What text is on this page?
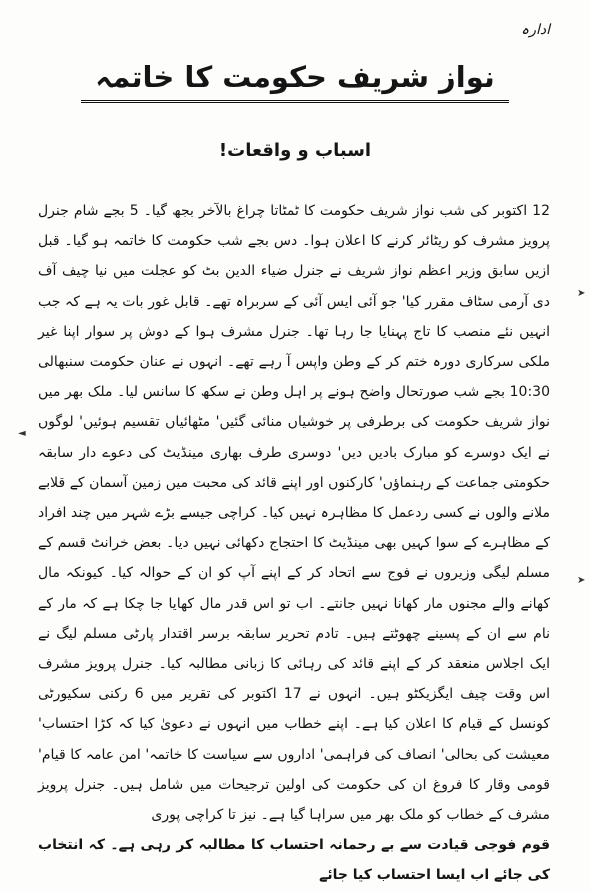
ادارہ
نواز شریف حکومت کا خاتمہ
اسباب و واقعات!

12 اکتوبر کی شب نواز شریف حکومت کا ٹمٹاتا چراغ بالآخر بجھ گیا۔ 5 بجے شام جنرل پرویز مشرف کو ریٹائر کرنے کا اعلان ہوا۔ دس بجے شب حکومت کا خاتمہ ہو گیا۔ قبل ازیں سابق وزیر اعظم نواز شریف نے جنرل ضیاء الدین بٹ کو عجلت میں نیا چیف آف دی آرمی سٹاف مقرر کیا' جو آئی ایس آئی کے سربراہ تھے۔ قابل غور بات یہ ہے کہ جب انہیں نئے منصب کا تاج پہنایا جا رہا تھا۔ جنرل مشرف ہوا کے دوش پر سوار اپنا غیر ملکی سرکاری دورہ ختم کر کے وطن واپس آ رہے تھے۔ انہوں نے عنان حکومت سنبھالی 10:30 بجے شب صورتحال واضح ہونے پر اہل وطن نے سکھ کا سانس لیا۔ ملک بھر میں نواز شریف حکومت کی برطرفی پر خوشیاں منائی گئیں' مٹھائیاں تقسیم ہوئیں' لوگوں نے ایک دوسرے کو مبارک بادیں دیں' دوسری طرف بھاری مینڈیٹ کی دعوے دار سابقہ حکومتی جماعت کے رہنماؤں' کارکنوں اور اپنے قائد کی محبت میں زمین آسمان کے قلابے ملانے والوں نے کسی ردعمل کا مظاہرہ نہیں کیا۔ کراچی جیسے بڑے شہر میں چند افراد کے مظاہرے کے سوا کہیں بھی مینڈیٹ کا احتجاج دکھائی نہیں دیا۔ بعض خرانٹ قسم کے مسلم لیگی وزیروں نے فوج سے اتحاد کر کے اپنے آپ کو ان کے حوالہ کیا۔ کیونکہ مال کھانے والے مجنوں مار کھانا نہیں جانتے۔ اب تو اس قدر مال کھایا جا چکا ہے کہ مار کے نام سے ان کے پسینے چھوٹتے ہیں۔ تادم تحریر سابقہ برسر اقتدار پارٹی مسلم لیگ نے ایک اجلاس منعقد کر کے اپنے قائد کی رہائی کا زبانی مطالبہ کیا۔ جنرل پرویز مشرف اس وقت چیف ایگزیکٹو ہیں۔ انہوں نے 17 اکتوبر کی تقریر میں 6 رکنی سکیورٹی کونسل کے قیام کا اعلان کیا ہے۔ اپنے خطاب میں انہوں نے دعویٰ کیا کہ کڑا احتساب' معیشت کی بحالی' انصاف کی فراہمی' اداروں سے سیاست کا خاتمہ' امن عامہ کا قیام' قومی وقار کا فروغ ان کی حکومت کی اولین ترجیحات میں شامل ہیں۔ جنرل پرویز مشرف کے خطاب کو ملک بھر میں سراہا گیا ہے۔ نیز تا کراچی پوری

قوم فوجی قیادت سے بے رحمانہ احتساب کا مطالبہ کر رہی ہے۔ کہ انتخاب کی جائے اب ایسا احتساب کیا جائے
➤
➤
◄
